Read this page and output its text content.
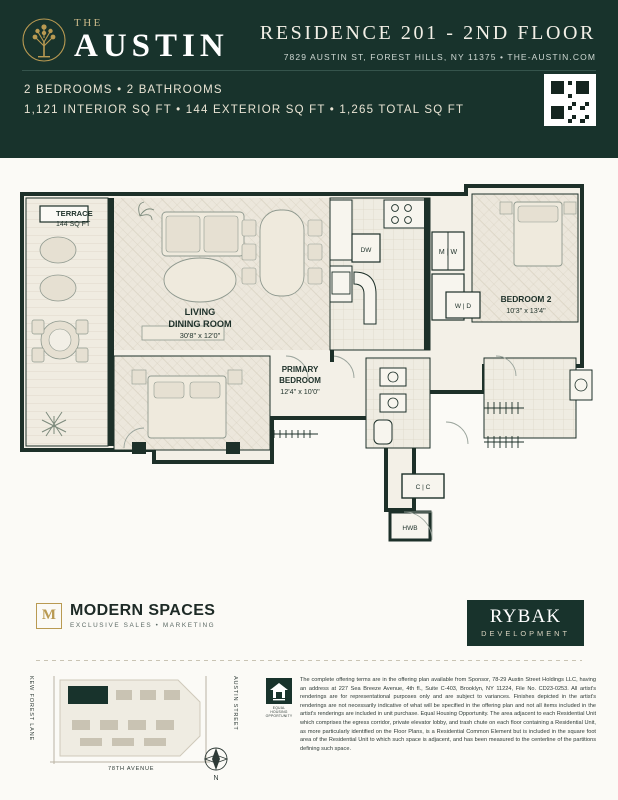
THE
AUSTIN RESIDENCE 201 - 2ND FLOOR
7829 AUSTIN ST, FOREST HILLS, NY 11375 • THE-AUSTIN.COM
2 BEDROOMS • 2 BATHROOMS
1,121 INTERIOR SQ FT • 144 EXTERIOR SQ FT • 1,265 TOTAL SQ FT
M | W
DW
W | D
C | C
HWB
TERRACE
144 SQ FT
LIVING
DINING ROOM
30'8" x 12'0"
PRIMARY
BEDROOM
12'4" x 10'0"
BEDROOM 2
10'3" x 13'4"
M MODERN SPACES
EXCLUSIVE SALES • MARKETING	RYBAK
DEVELOPMENT
KEW FOREST LANE	AUSTIN STREET
78TH AVENUE
N
EQUAL HOUSING OPPORTUNITY
The complete offering terms are in the offering plan available from Sponsor, 78-29 Austin Street Holdings LLC, having an address at 227 Sea Breeze Avenue, 4th fl., Suite C-403, Brooklyn, NY 11224, File No. CD23-0253. All artist's renderings are for representational purposes only and are subject to variances. Finishes depicted in the artist's renderings are not necessarily indicative of what will be specified in the offering plan and not all items included in the artist's renderings are included in unit purchase. Equal Housing Opportunity. The area adjacent to each Residential Unit which comprises the egress corridor, private elevator lobby, and trash chute on each floor containing a Residential Unit, as more particularly identified on the Floor Plans, is a Residential Common Element but is included in the square foot area of the Residential Unit to which such space is adjacent, and has been measured to the centerline of the partitions defining such space.
